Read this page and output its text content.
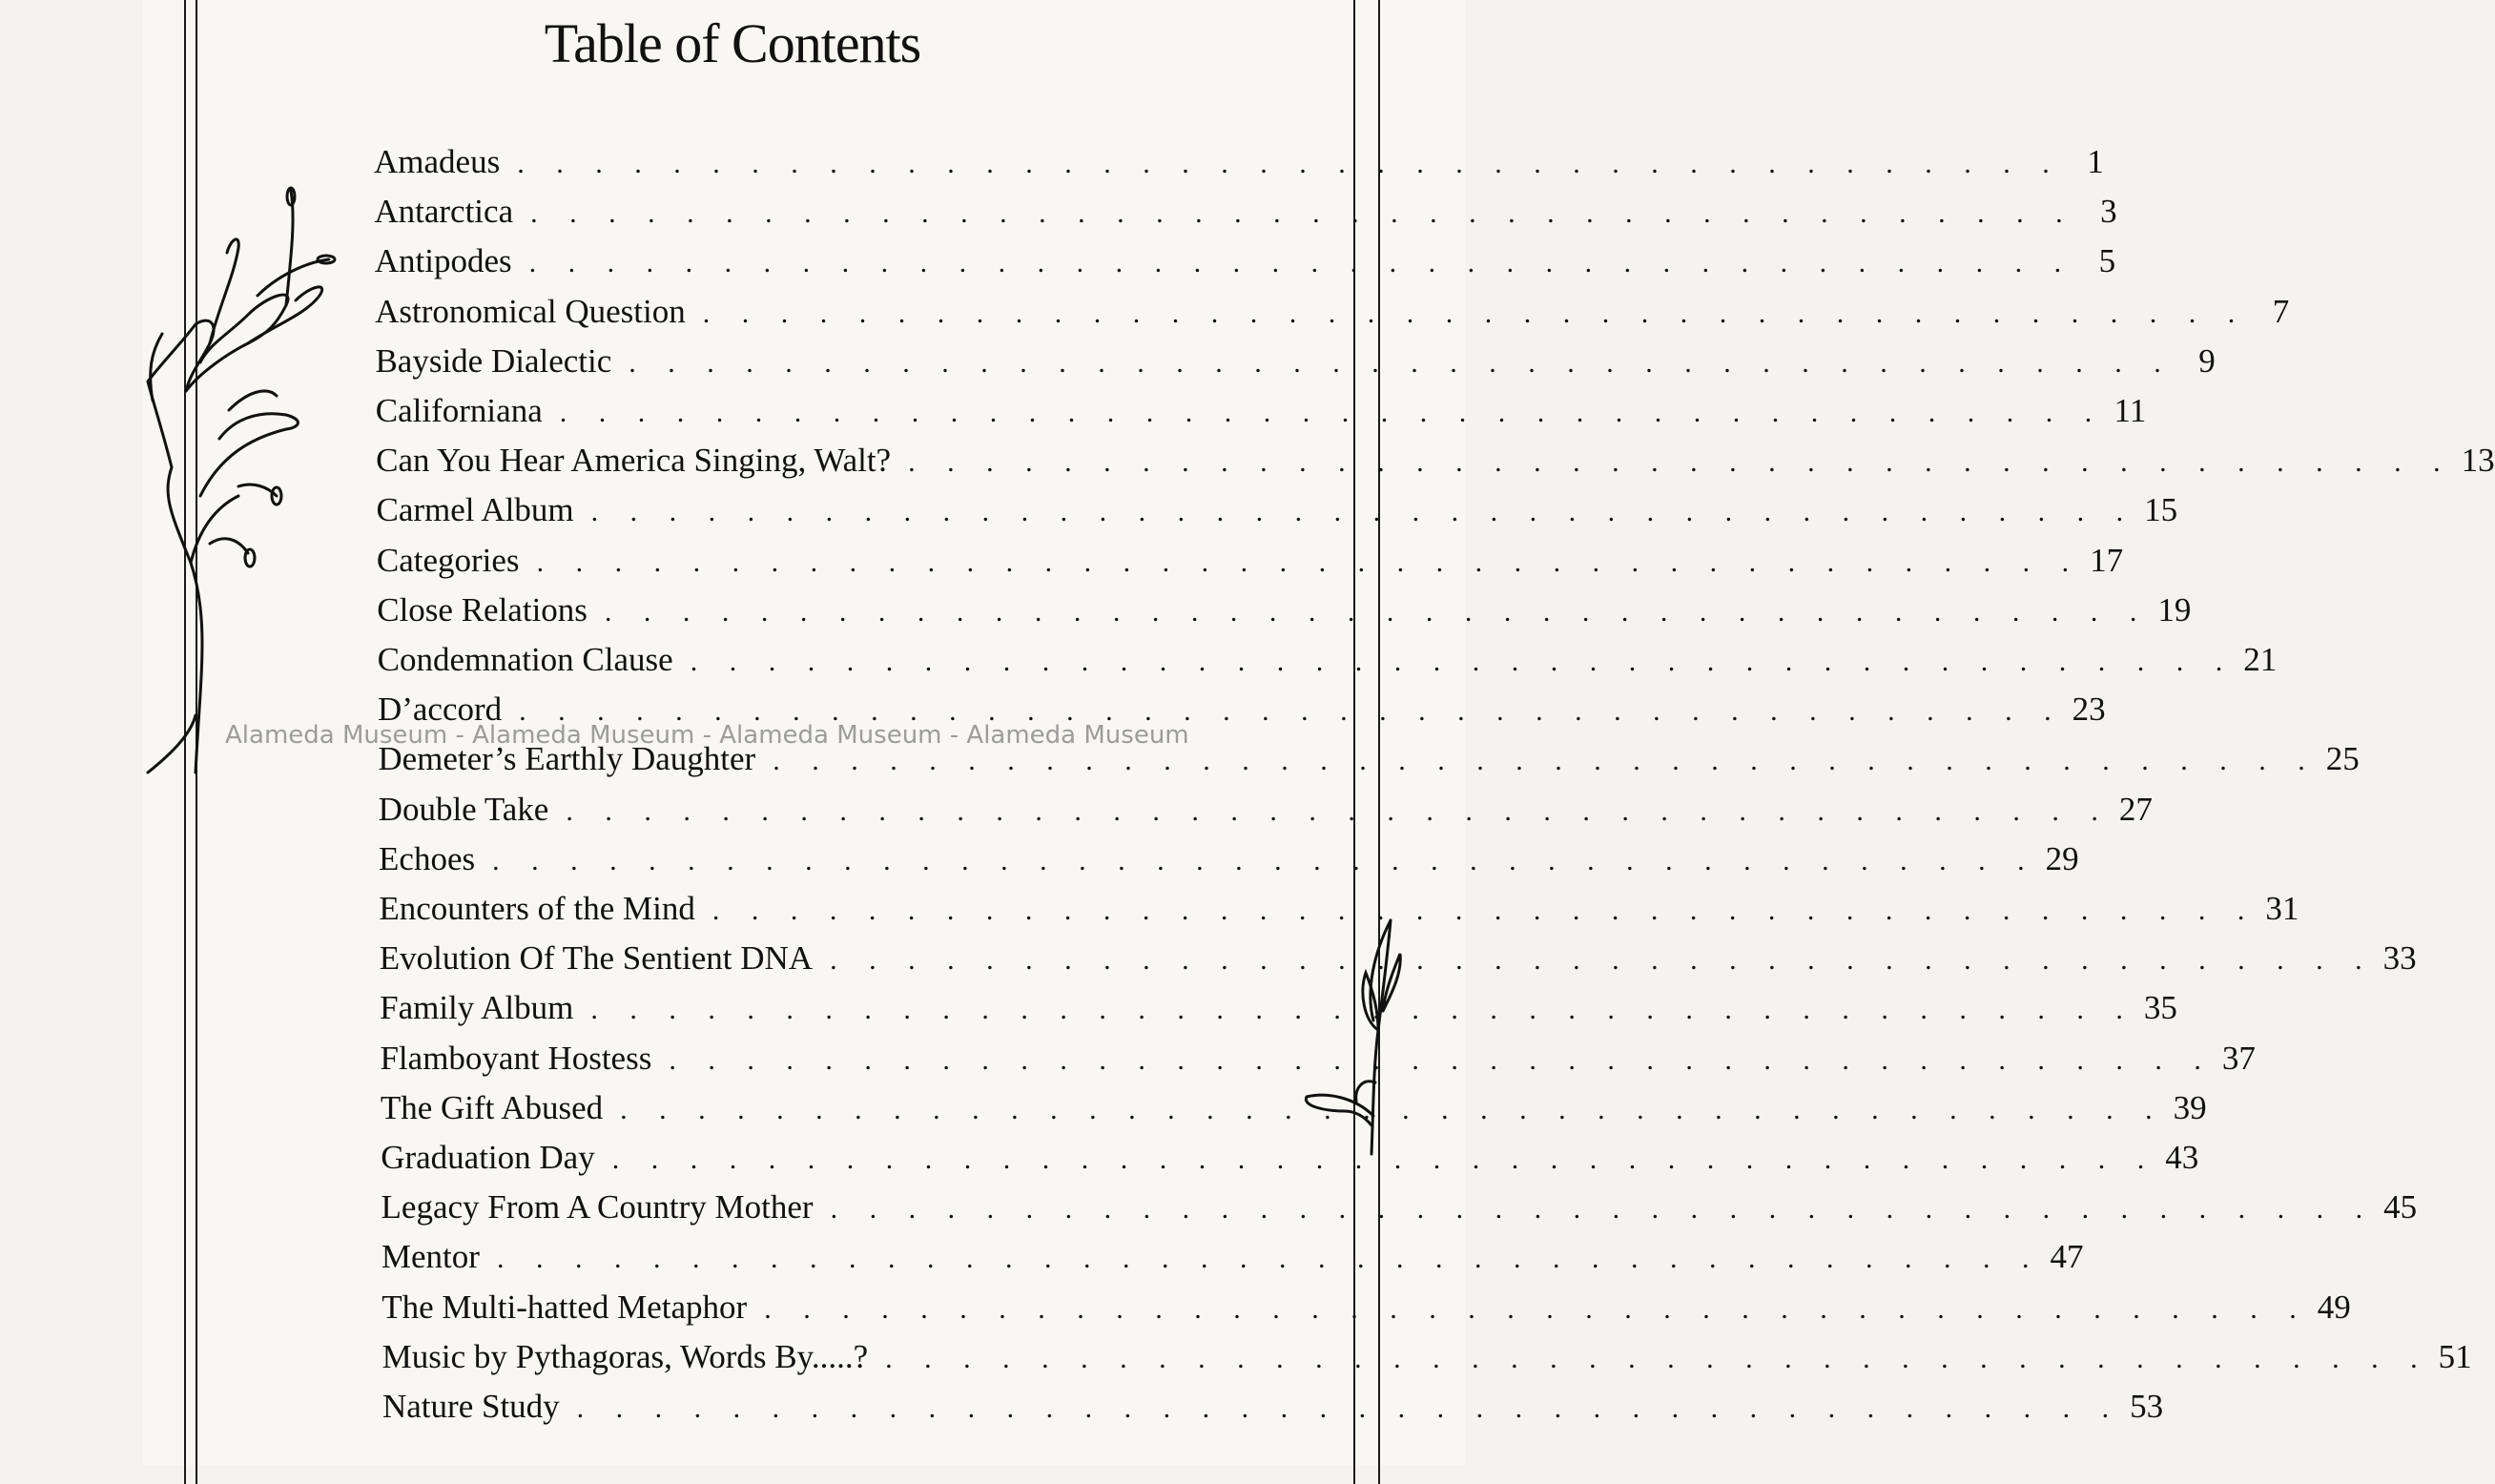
Table of Contents
Amadeus . . . . . . . . . . . . . . . . . . . . . . . . . . . . . . . . . . . . . . . . 1
Antarctica . . . . . . . . . . . . . . . . . . . . . . . . . . . . . . . . . . . . . . . . 3
Antipodes . . . . . . . . . . . . . . . . . . . . . . . . . . . . . . . . . . . . . . . . 5
Astronomical Question . . . . . . . . . . . . . . . . . . . . . . . . . . . . . . . . . . . . . . . . 7
Bayside Dialectic . . . . . . . . . . . . . . . . . . . . . . . . . . . . . . . . . . . . . . . . 9
Californiana . . . . . . . . . . . . . . . . . . . . . . . . . . . . . . . . . . . . . . . . 11
Can You Hear America Singing, Walt? . . . . . . . . . . . . . . . . . . . . . . . . . . . . . . . . . . . . . . . . 13
Carmel Album . . . . . . . . . . . . . . . . . . . . . . . . . . . . . . . . . . . . . . . . 15
Categories . . . . . . . . . . . . . . . . . . . . . . . . . . . . . . . . . . . . . . . . 17
Close Relations . . . . . . . . . . . . . . . . . . . . . . . . . . . . . . . . . . . . . . . . 19
Condemnation Clause . . . . . . . . . . . . . . . . . . . . . . . . . . . . . . . . . . . . . . . . 21
D’accord . . . . . . . . . . . . . . . . . . . . . . . . . . . . . . . . . . . . . . . . 23
Demeter’s Earthly Daughter . . . . . . . . . . . . . . . . . . . . . . . . . . . . . . . . . . . . . . . . 25
Double Take . . . . . . . . . . . . . . . . . . . . . . . . . . . . . . . . . . . . . . . . 27
Echoes . . . . . . . . . . . . . . . . . . . . . . . . . . . . . . . . . . . . . . . . 29
Encounters of the Mind . . . . . . . . . . . . . . . . . . . . . . . . . . . . . . . . . . . . . . . . 31
Evolution Of The Sentient DNA . . . . . . . . . . . . . . . . . . . . . . . . . . . . . . . . . . . . . . . . 33
Family Album . . . . . . . . . . . . . . . . . . . . . . . . . . . . . . . . . . . . . . . . 35
Flamboyant Hostess . . . . . . . . . . . . . . . . . . . . . . . . . . . . . . . . . . . . . . . . 37
The Gift Abused . . . . . . . . . . . . . . . . . . . . . . . . . . . . . . . . . . . . . . . . 39
Graduation Day . . . . . . . . . . . . . . . . . . . . . . . . . . . . . . . . . . . . . . . . 43
Legacy From A Country Mother . . . . . . . . . . . . . . . . . . . . . . . . . . . . . . . . . . . . . . . . 45
Mentor . . . . . . . . . . . . . . . . . . . . . . . . . . . . . . . . . . . . . . . . 47
The Multi-hatted Metaphor . . . . . . . . . . . . . . . . . . . . . . . . . . . . . . . . . . . . . . . . 49
Music by Pythagoras, Words By.....? . . . . . . . . . . . . . . . . . . . . . . . . . . . . . . . . . . . . . . . . 51
Nature Study . . . . . . . . . . . . . . . . . . . . . . . . . . . . . . . . . . . . . . . . 53
Alameda Museum - Alameda Museum - Alameda Museum - Alameda Museum
